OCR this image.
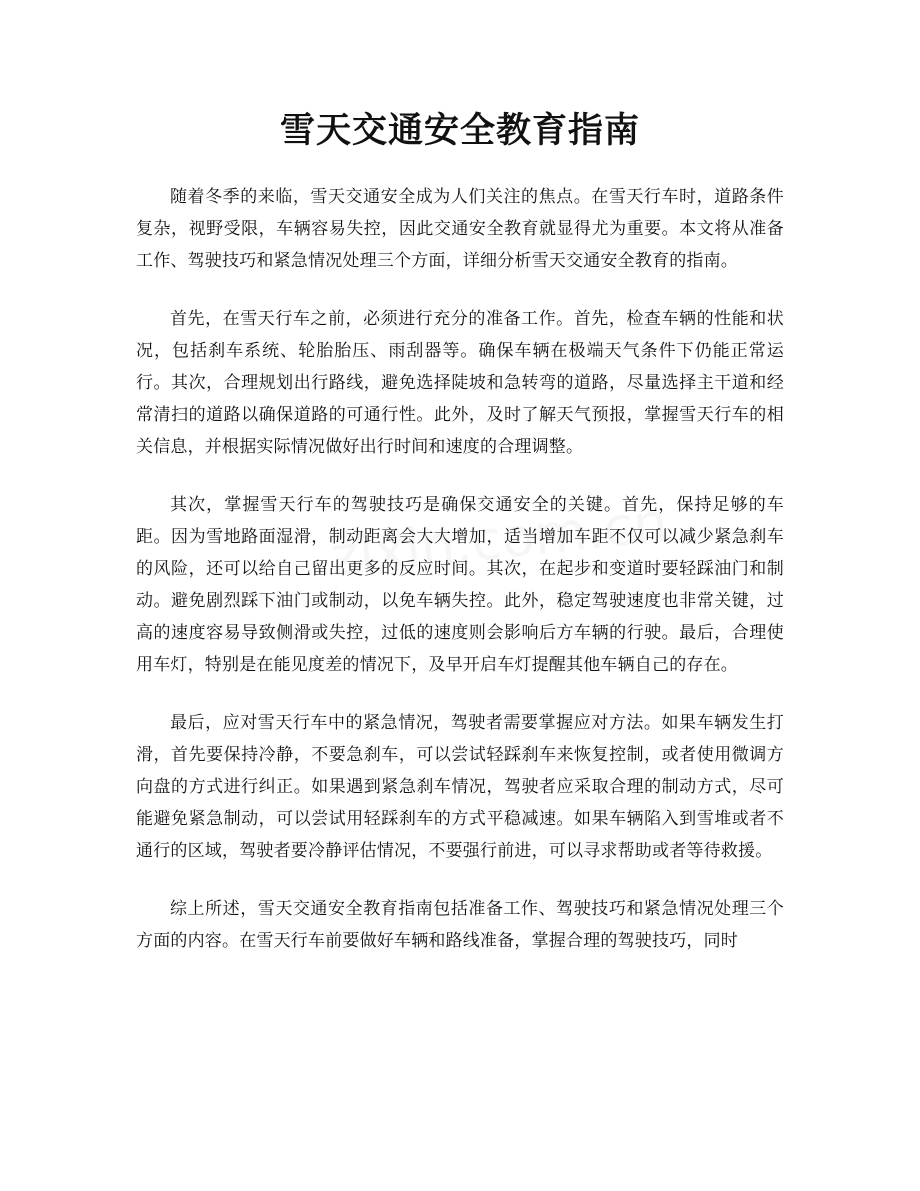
雪天交通安全教育指南

随着冬季的来临，雪天交通安全成为人们关注的焦点。在雪天行车时，道路条件复杂，视野受限，车辆容易失控，因此交通安全教育就显得尤为重要。本文将从准备工作、驾驶技巧和紧急情况处理三个方面，详细分析雪天交通安全教育的指南。

首先，在雪天行车之前，必须进行充分的准备工作。首先，检查车辆的性能和状况，包括刹车系统、轮胎胎压、雨刮器等。确保车辆在极端天气条件下仍能正常运行。其次，合理规划出行路线，避免选择陡坡和急转弯的道路，尽量选择主干道和经常清扫的道路以确保道路的可通行性。此外，及时了解天气预报，掌握雪天行车的相关信息，并根据实际情况做好出行时间和速度的合理调整。

其次，掌握雪天行车的驾驶技巧是确保交通安全的关键。首先，保持足够的车距。因为雪地路面湿滑，制动距离会大大增加，适当增加车距不仅可以减少紧急刹车的风险，还可以给自己留出更多的反应时间。其次，在起步和变道时要轻踩油门和制动。避免剧烈踩下油门或制动，以免车辆失控。此外，稳定驾驶速度也非常关键，过高的速度容易导致侧滑或失控，过低的速度则会影响后方车辆的行驶。最后，合理使用车灯，特别是在能见度差的情况下，及早开启车灯提醒其他车辆自己的存在。

最后，应对雪天行车中的紧急情况，驾驶者需要掌握应对方法。如果车辆发生打滑，首先要保持冷静，不要急刹车，可以尝试轻踩刹车来恢复控制，或者使用微调方向盘的方式进行纠正。如果遇到紧急刹车情况，驾驶者应采取合理的制动方式，尽可能避免紧急制动，可以尝试用轻踩刹车的方式平稳减速。如果车辆陷入到雪堆或者不通行的区域，驾驶者要冷静评估情况，不要强行前进，可以寻求帮助或者等待救援。

综上所述，雪天交通安全教育指南包括准备工作、驾驶技巧和紧急情况处理三个方面的内容。在雪天行车前要做好车辆和路线准备，掌握合理的驾驶技巧，同时
